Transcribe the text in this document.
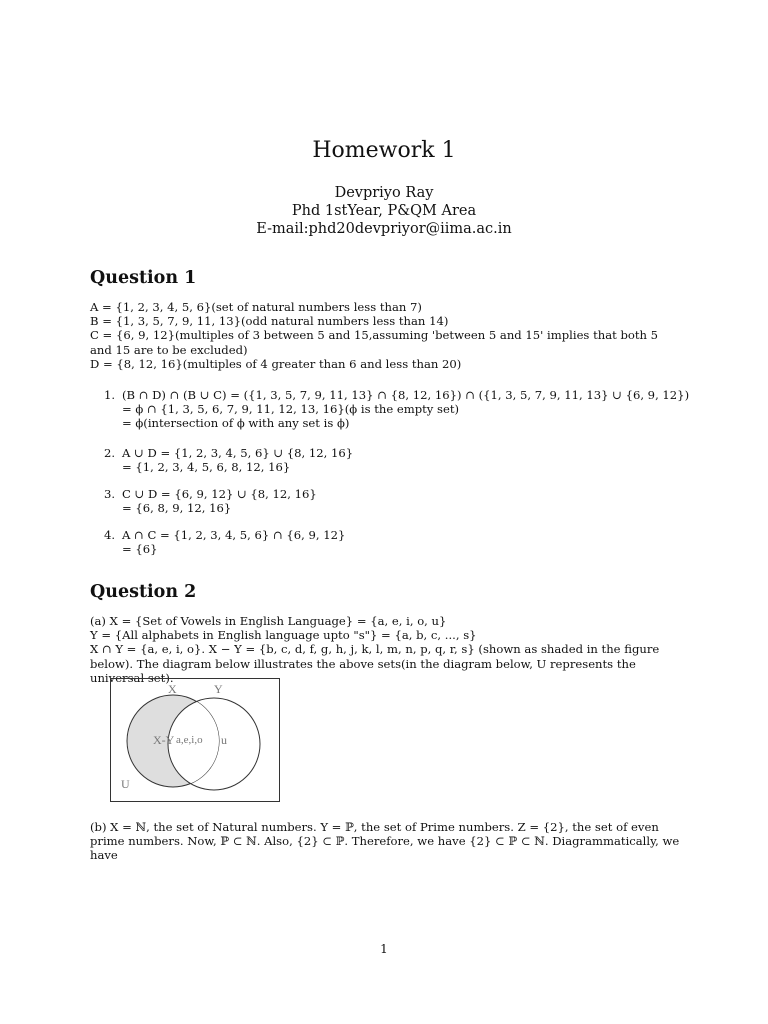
Homework 1
Devpriyo Ray
Phd 1stYear, P&QM Area
E-mail:phd20devpriyor@iima.ac.in
Question 1
A = {1, 2, 3, 4, 5, 6}(set of natural numbers less than 7)
B = {1, 3, 5, 7, 9, 11, 13}(odd natural numbers less than 14)
C = {6, 9, 12}(multiples of 3 between 5 and 15,assuming 'between 5 and 15' implies that both 5 and 15 are to be excluded)
D = {8, 12, 16}(multiples of 4 greater than 6 and less than 20)
1. (B ∩ D) ∩ (B ∪ C) = ({1, 3, 5, 7, 9, 11, 13} ∩ {8, 12, 16}) ∩ ({1, 3, 5, 7, 9, 11, 13} ∪ {6, 9, 12})
= ϕ ∩ {1, 3, 5, 6, 7, 9, 11, 12, 13, 16}(ϕ is the empty set)
= ϕ(intersection of ϕ with any set is ϕ)
2. A ∪ D = {1, 2, 3, 4, 5, 6} ∪ {8, 12, 16}
= {1, 2, 3, 4, 5, 6, 8, 12, 16}
3. C ∪ D = {6, 9, 12} ∪ {8, 12, 16}
= {6, 8, 9, 12, 16}
4. A ∩ C = {1, 2, 3, 4, 5, 6} ∩ {6, 9, 12}
= {6}
Question 2
(a) X = {Set of Vowels in English Language} = {a, e, i, o, u}
Y = {All alphabets in English language upto "s"} = {a, b, c, ..., s}
X ∩ Y = {a, e, i, o}. X − Y = {b, c, d, f, g, h, j, k, l, m, n, p, q, r, s} (shown as shaded in the figure below). The diagram below illustrates the above sets(in the diagram below, U represents the universal set).
X	Y
X-Y a,e,i,o u
U
(b) X = ℕ, the set of Natural numbers. Y = ℙ, the set of Prime numbers. Z = {2}, the set of even prime numbers. Now, ℙ ⊂ ℕ. Also, {2} ⊂ ℙ. Therefore, we have {2} ⊂ ℙ ⊂ ℕ. Diagrammatically, we have
1
